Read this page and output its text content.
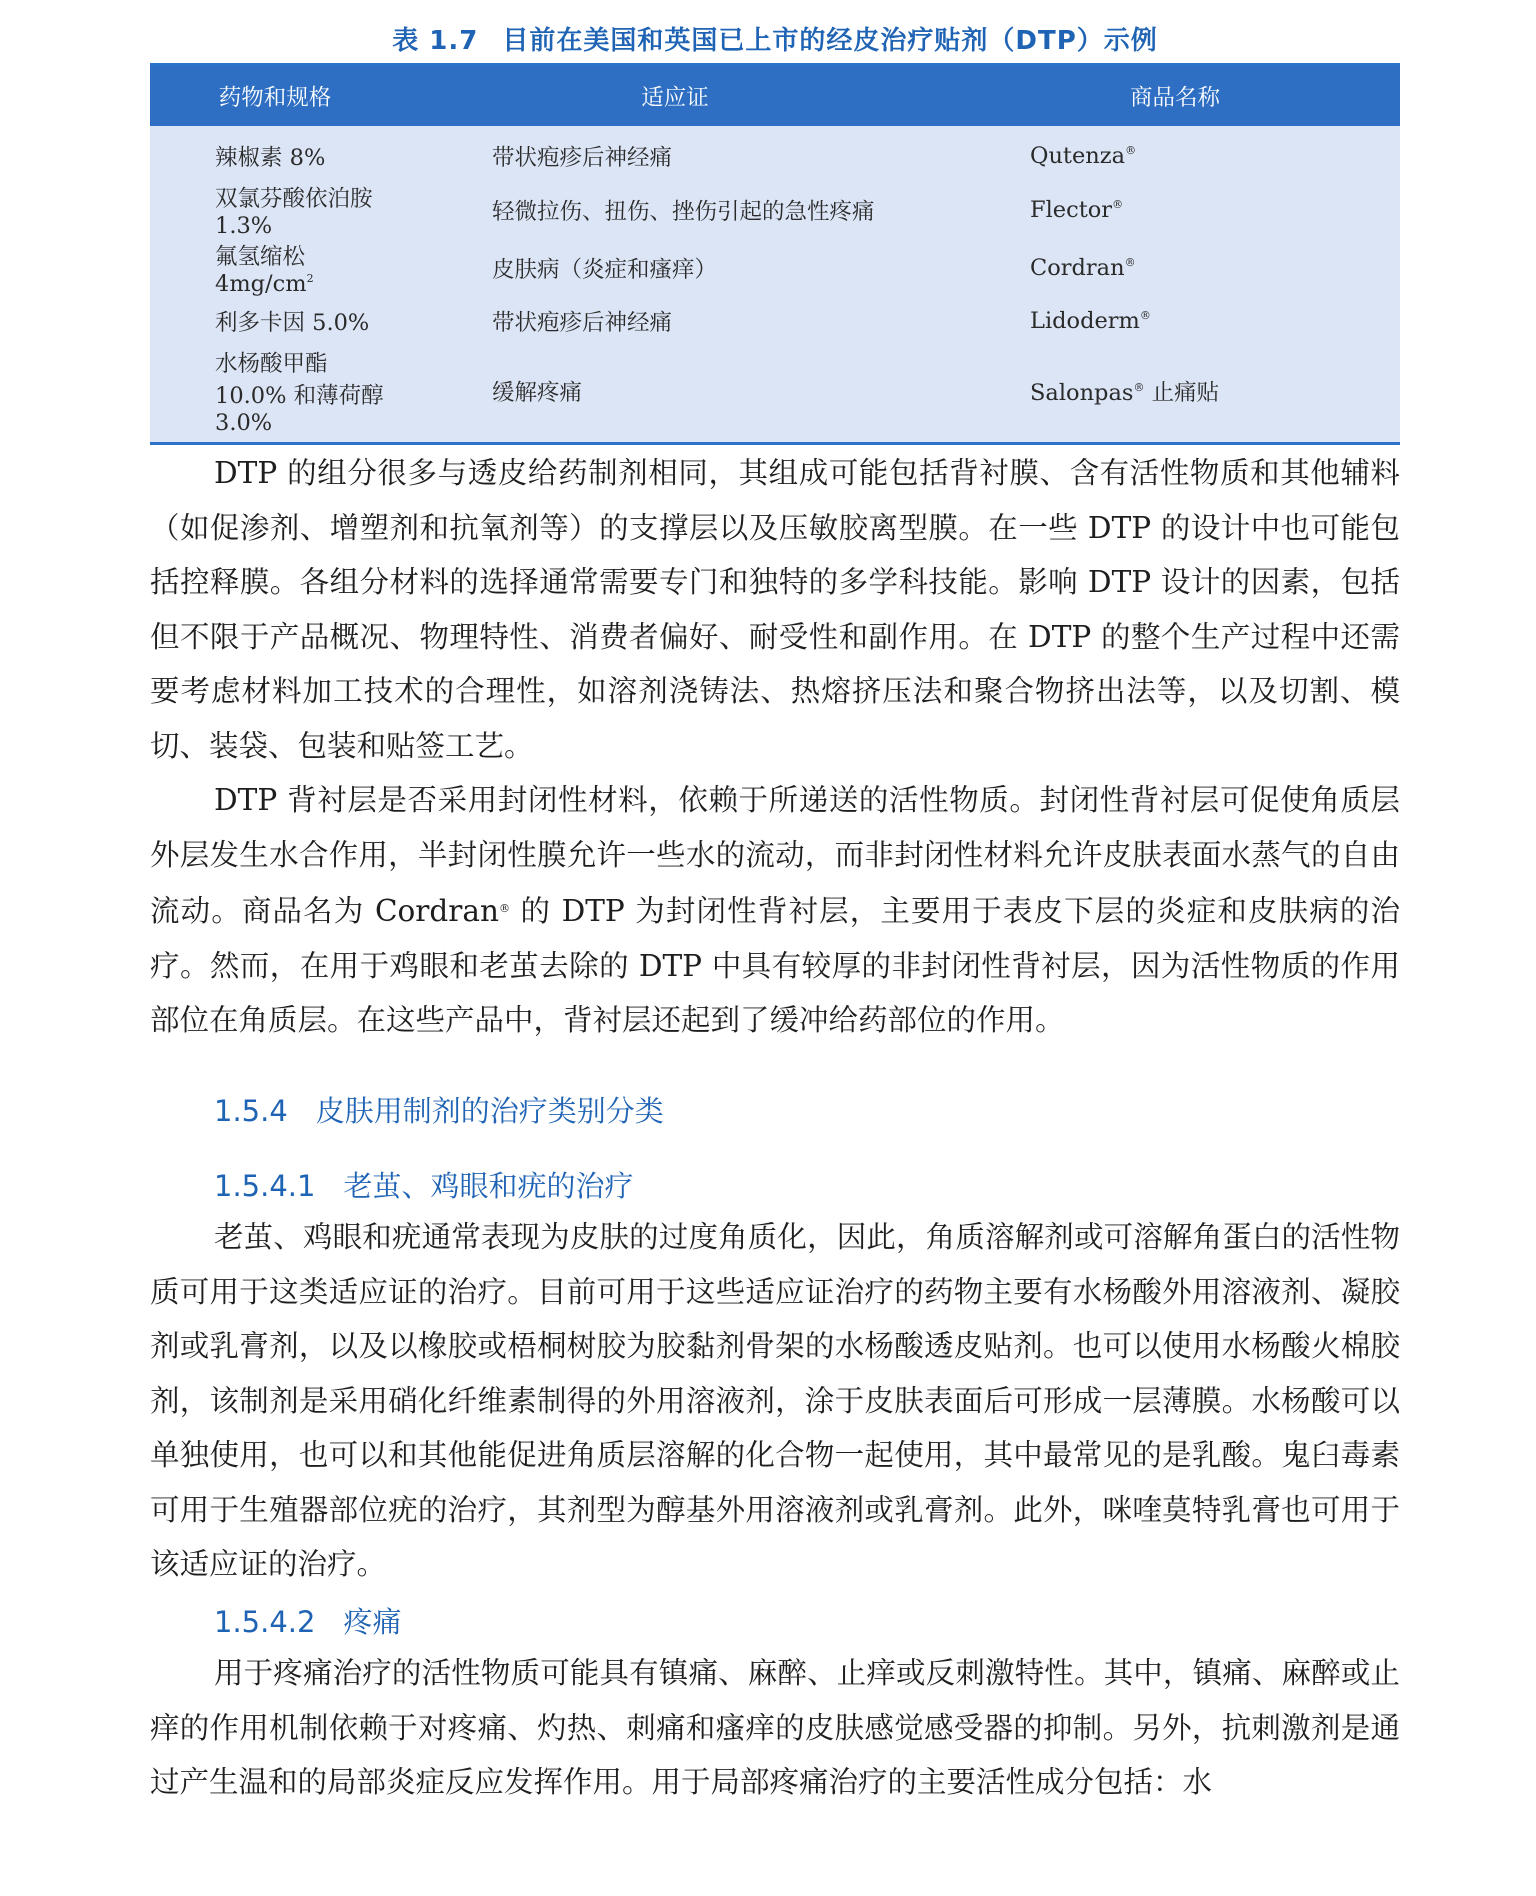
表 1.7 目前在美国和英国已上市的经皮治疗贴剂（DTP）示例
药物和规格	适应证	商品名称
辣椒素 8%	带状疱疹后神经痛	Qutenza®
双氯芬酸依泊胺 1.3%	轻微拉伤、扭伤、挫伤引起的急性疼痛	Flector®
氟氢缩松 $4mg/cm^2$	皮肤病（炎症和瘙痒）	Cordran®
利多卡因 5.0%	带状疱疹后神经痛	Lidoderm®
水杨酸甲酯 10.0% 和薄荷醇 3.0%	缓解疼痛	Salonpas® 止痛贴

DTP 的组分很多与透皮给药制剂相同，其组成可能包括背衬膜、含有活性物质和其他辅料（如促渗剂、增塑剂和抗氧剂等）的支撑层以及压敏胶离型膜。在一些 DTP 的设计中也可能包括控释膜。各组分材料的选择通常需要专门和独特的多学科技能。影响 DTP 设计的因素，包括但不限于产品概况、物理特性、消费者偏好、耐受性和副作用。在 DTP 的整个生产过程中还需要考虑材料加工技术的合理性，如溶剂浇铸法、热熔挤压法和聚合物挤出法等，以及切割、模切、装袋、包装和贴签工艺。

DTP 背衬层是否采用封闭性材料，依赖于所递送的活性物质。封闭性背衬层可促使角质层外层发生水合作用，半封闭性膜允许一些水的流动，而非封闭性材料允许皮肤表面水蒸气的自由流动。商品名为 Cordran® 的 DTP 为封闭性背衬层，主要用于表皮下层的炎症和皮肤病的治疗。然而，在用于鸡眼和老茧去除的 DTP 中具有较厚的非封闭性背衬层，因为活性物质的作用部位在角质层。在这些产品中，背衬层还起到了缓冲给药部位的作用。

1.5.4 皮肤用制剂的治疗类别分类
1.5.4.1 老茧、鸡眼和疣的治疗

老茧、鸡眼和疣通常表现为皮肤的过度角质化，因此，角质溶解剂或可溶解角蛋白的活性物质可用于这类适应证的治疗。目前可用于这些适应证治疗的药物主要有水杨酸外用溶液剂、凝胶剂或乳膏剂，以及以橡胶或梧桐树胶为胶黏剂骨架的水杨酸透皮贴剂。也可以使用水杨酸火棉胶剂，该制剂是采用硝化纤维素制得的外用溶液剂，涂于皮肤表面后可形成一层薄膜。水杨酸可以单独使用，也可以和其他能促进角质层溶解的化合物一起使用，其中最常见的是乳酸。鬼臼毒素可用于生殖器部位疣的治疗，其剂型为醇基外用溶液剂或乳膏剂。此外，咪喹莫特乳膏也可用于该适应证的治疗。

1.5.4.2 疼痛

用于疼痛治疗的活性物质可能具有镇痛、麻醉、止痒或反刺激特性。其中，镇痛、麻醉或止痒的作用机制依赖于对疼痛、灼热、刺痛和瘙痒的皮肤感觉感受器的抑制。另外，抗刺激剂是通过产生温和的局部炎症反应发挥作用。用于局部疼痛治疗的主要活性成分包括：水
